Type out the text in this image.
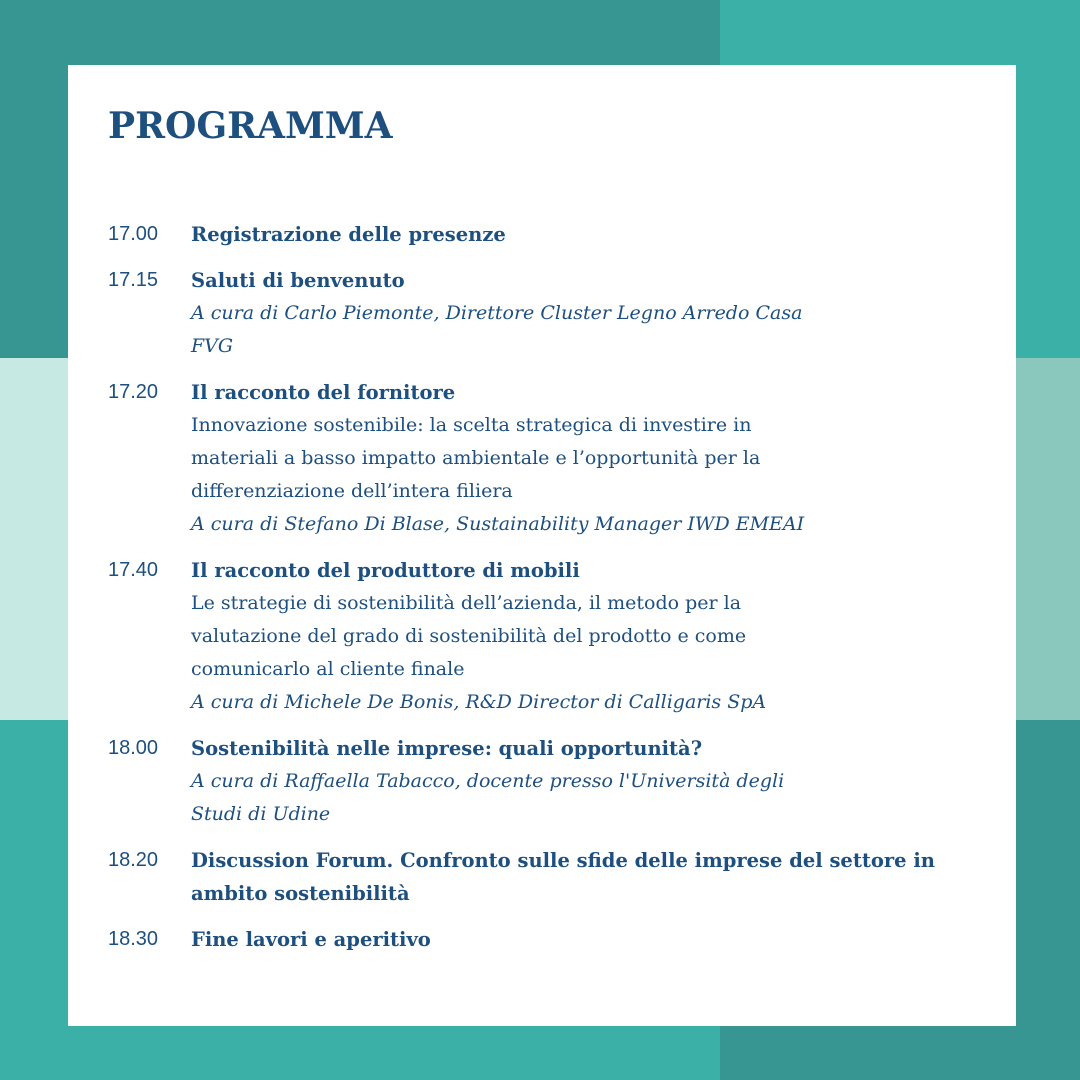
PROGRAMMA
17.00	Registrazione delle presenze
17.15	Saluti di benvenuto
A cura di Carlo Piemonte, Direttore Cluster Legno Arredo Casa
FVG
17.20	Il racconto del fornitore
Innovazione sostenibile: la scelta strategica di investire in
materiali a basso impatto ambientale e l’opportunità per la
differenziazione dell’intera filiera
A cura di Stefano Di Blase, Sustainability Manager IWD EMEAI
17.40	Il racconto del produttore di mobili
Le strategie di sostenibilità dell’azienda, il metodo per la
valutazione del grado di sostenibilità del prodotto e come
comunicarlo al cliente finale
A cura di Michele De Bonis, R&D Director di Calligaris SpA
18.00	Sostenibilità nelle imprese: quali opportunità?
A cura di Raffaella Tabacco, docente presso l'Università degli
Studi di Udine
18.20	Discussion Forum. Confronto sulle sfide delle imprese del settore in ambito sostenibilità
18.30	Fine lavori e aperitivo
